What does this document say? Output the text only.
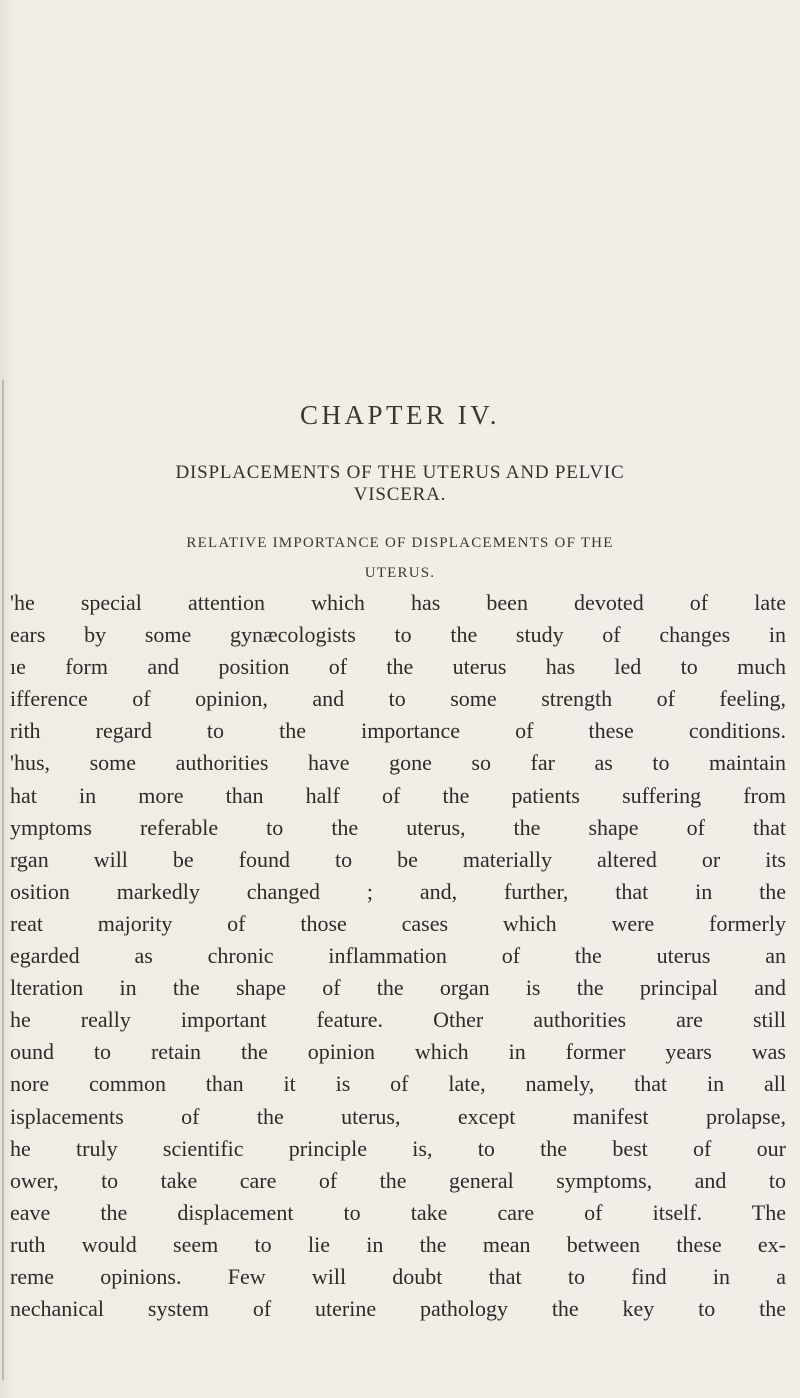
CHAPTER IV.
DISPLACEMENTS OF THE UTERUS AND PELVIC
VISCERA.
RELATIVE IMPORTANCE OF DISPLACEMENTS OF THE
UTERUS.
'he special attention which has been devoted of late
ears by some gynæcologists to the study of changes in
ıe form and position of the uterus has led to much
ifference of opinion, and to some strength of feeling,
rith regard to the importance of these conditions.
'hus, some authorities have gone so far as to maintain
hat in more than half of the patients suffering from
ymptoms referable to the uterus, the shape of that
rgan will be found to be materially altered or its
osition markedly changed ; and, further, that in the
reat majority of those cases which were formerly
egarded as chronic inflammation of the uterus an
lteration in the shape of the organ is the principal and
he really important feature. Other authorities are still
ound to retain the opinion which in former years was
nore common than it is of late, namely, that in all
isplacements of the uterus, except manifest prolapse,
he truly scientific principle is, to the best of our
ower, to take care of the general symptoms, and to
eave the displacement to take care of itself. The
ruth would seem to lie in the mean between these ex-
reme opinions. Few will doubt that to find in a
nechanical system of uterine pathology the key to the
